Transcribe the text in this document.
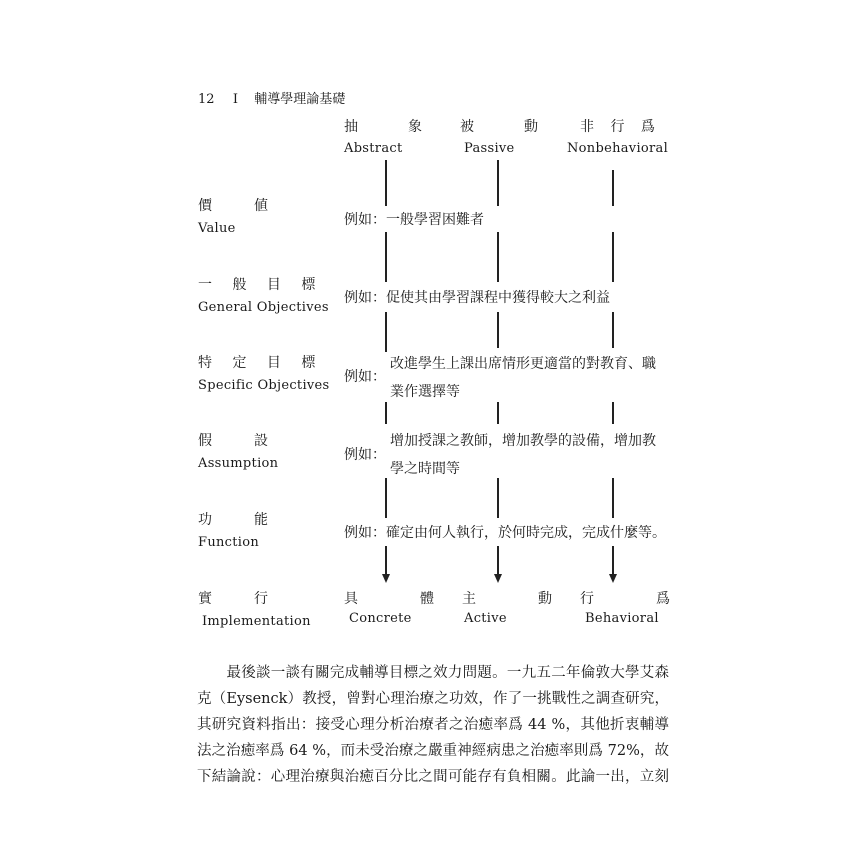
12 I 輔導學理論基礎
抽　象
Abstract
被　動
Passive
非 行 爲
Nonbehavioral
價　値
Value
例如：一般學習困難者
一 般 目 標
General Objectives
例如：促使其由學習課程中獲得較大之利益
特 定 目 標
Specific Objectives
例如：
改進學生上課出席情形更適當的對教育、職
業作選擇等
假　設
Assumption
例如：
增加授課之教師，增加教學的設備，增加教
學之時間等
功　能
Function
例如：確定由何人執行，於何時完成，完成什麼等。
實　行
Implementation
具　　　體
Concrete
主　　　動
Active
行　　　爲
Behavioral
　　最後談一談有關完成輔導目標之效力問題。一九五二年倫敦大學艾森
克（Eysenck）教授，曾對心理治療之功效，作了一挑戰性之調查研究，
其研究資料指出：接受心理分析治療者之治癒率爲 44 %，其他折衷輔導
法之治癒率爲 64 %，而未受治療之嚴重神經病患之治癒率則爲 72%，故
下結論說：心理治療與治癒百分比之間可能存有負相關。此論一出，立刻
